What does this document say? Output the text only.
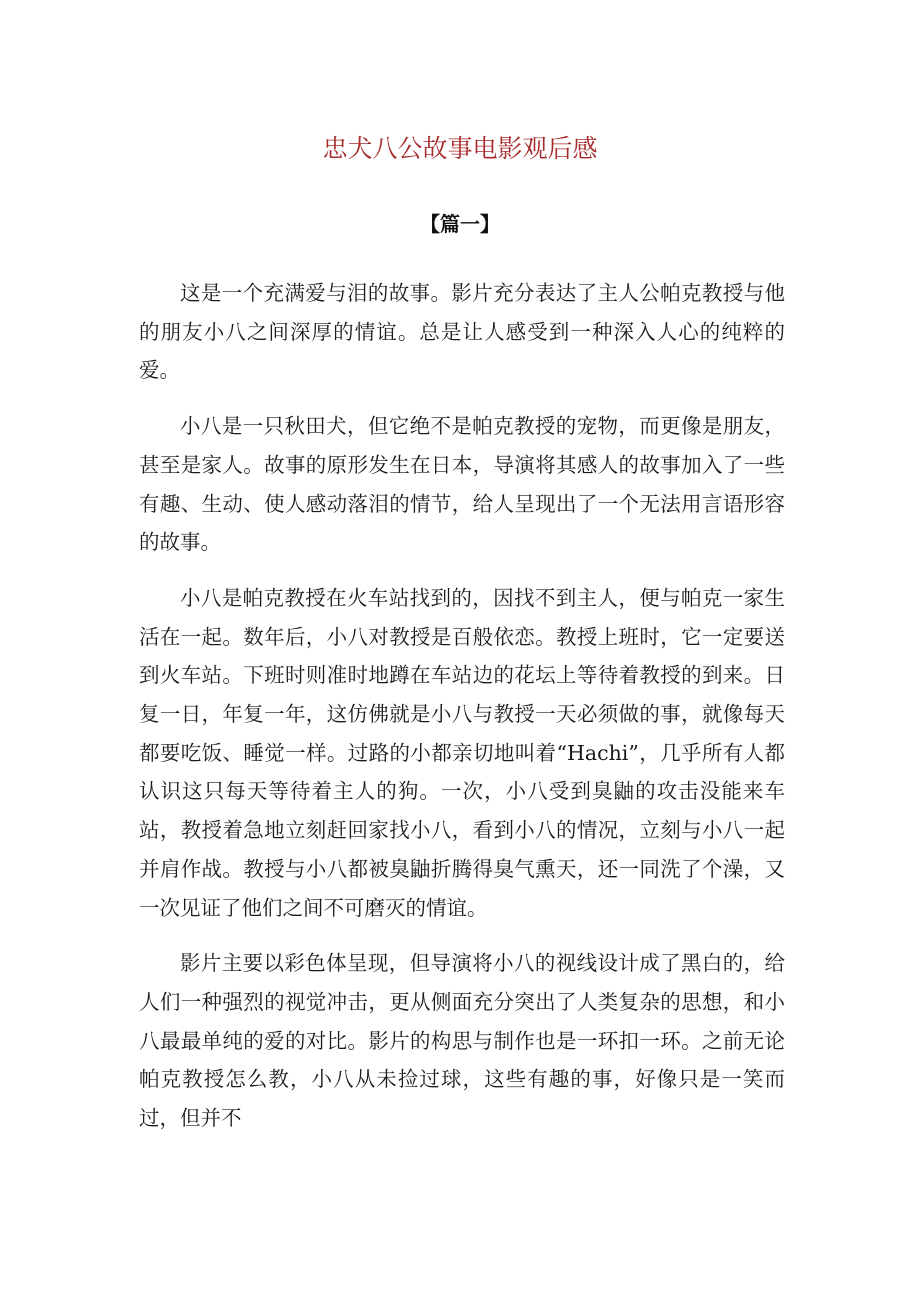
忠犬八公故事电影观后感
【篇一】

这是一个充满爱与泪的故事。影片充分表达了主人公帕克教授与他的朋友小八之间深厚的情谊。总是让人感受到一种深入人心的纯粹的爱。

小八是一只秋田犬，但它绝不是帕克教授的宠物，而更像是朋友，甚至是家人。故事的原形发生在日本，导演将其感人的故事加入了一些有趣、生动、使人感动落泪的情节，给人呈现出了一个无法用言语形容的故事。

小八是帕克教授在火车站找到的，因找不到主人，便与帕克一家生活在一起。数年后，小八对教授是百般依恋。教授上班时，它一定要送到火车站。下班时则准时地蹲在车站边的花坛上等待着教授的到来。日复一日，年复一年，这仿佛就是小八与教授一天必须做的事，就像每天都要吃饭、睡觉一样。过路的小都亲切地叫着“Hachi”，几乎所有人都认识这只每天等待着主人的狗。一次，小八受到臭鼬的攻击没能来车站，教授着急地立刻赶回家找小八，看到小八的情况，立刻与小八一起并肩作战。教授与小八都被臭鼬折腾得臭气熏天，还一同洗了个澡，又一次见证了他们之间不可磨灭的情谊。

影片主要以彩色体呈现，但导演将小八的视线设计成了黑白的，给人们一种强烈的视觉冲击，更从侧面充分突出了人类复杂的思想，和小八最最单纯的爱的对比。影片的构思与制作也是一环扣一环。之前无论帕克教授怎么教，小八从未捡过球，这些有趣的事，好像只是一笑而过，但并不
